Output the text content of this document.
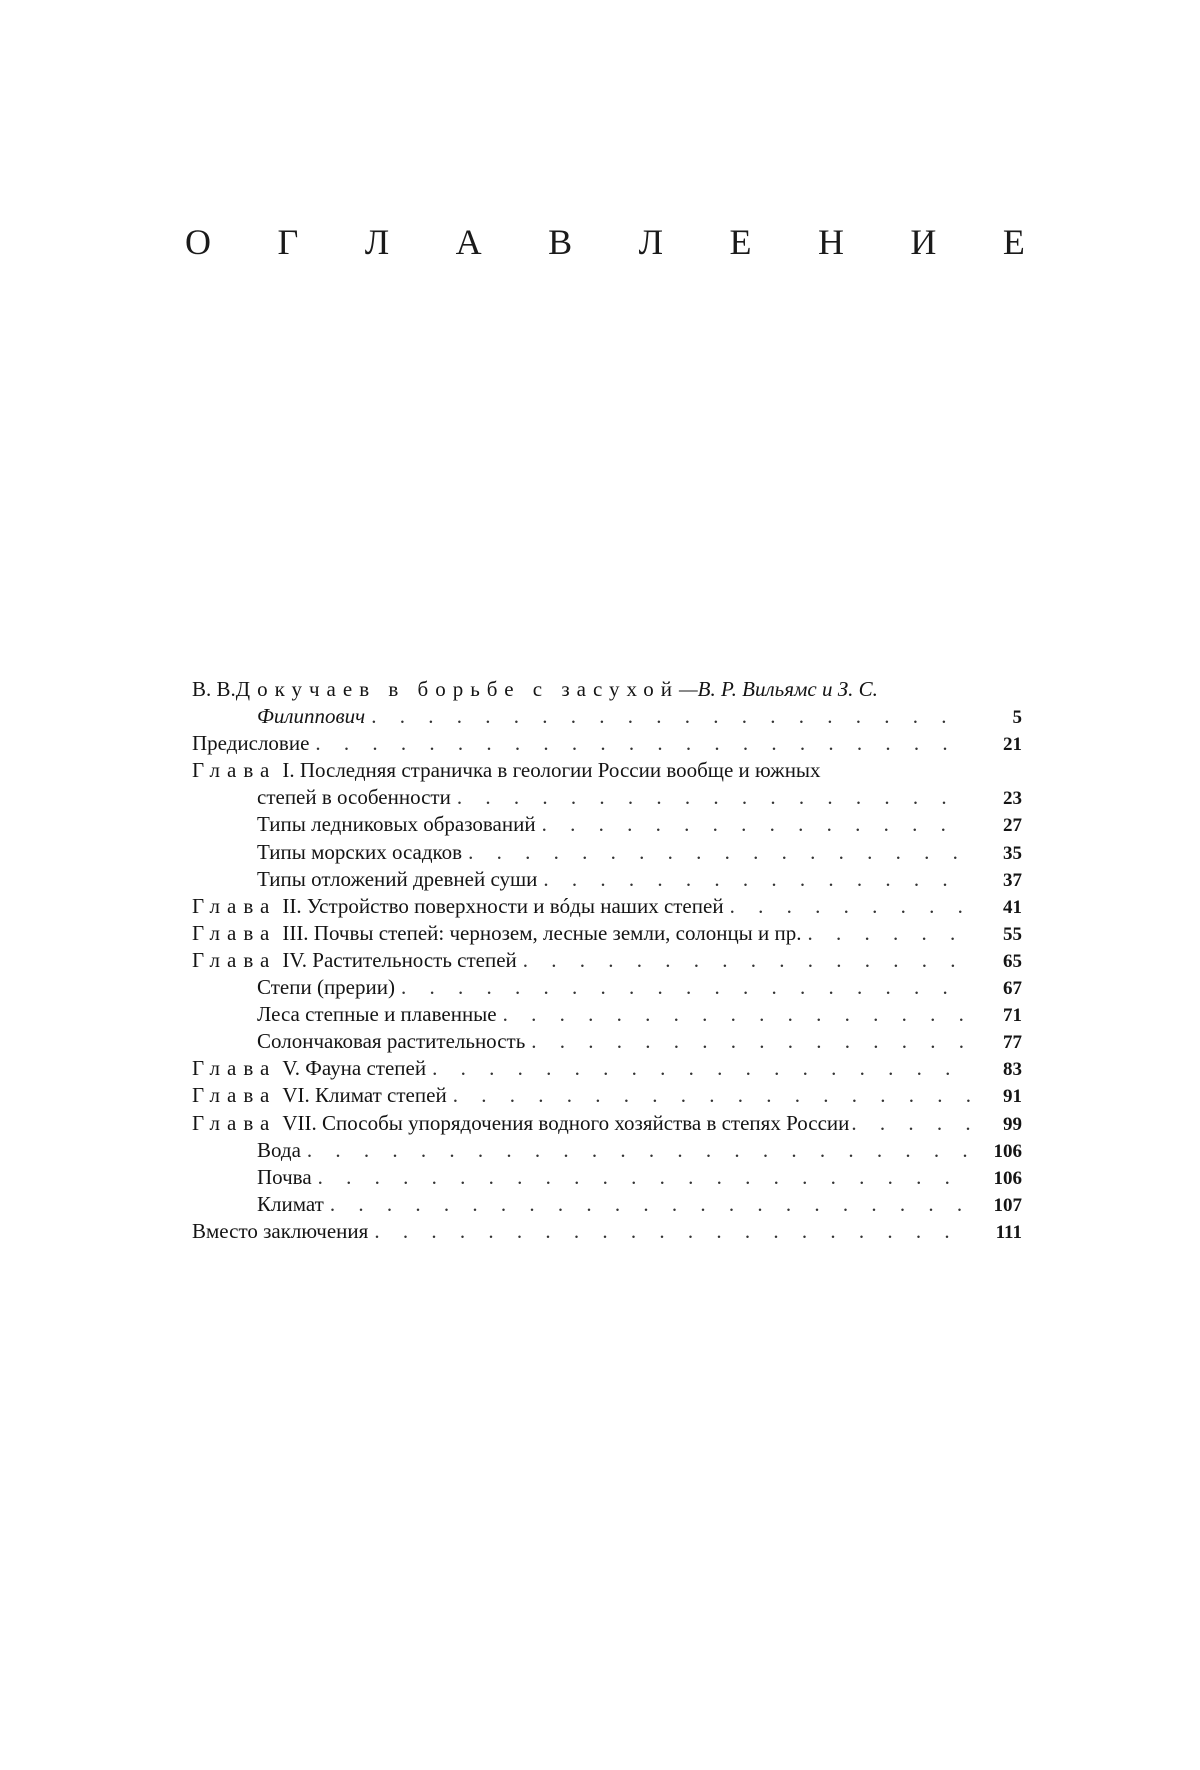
О Г Л А В Л Е Н И Е
В. В. Докучаев в борьбе с засухой —В. Р. Вильямс и З. С.
Филиппович . . .	5
Предисловие . . .	21
Глава I. Последняя страничка в геологии России вообще и южных
степей в особенности . . .	23
Типы ледниковых образований . . .	27
Типы морских осадков . . .	35
Типы отложений древней суши . . .	37
Глава II. Устройство поверхности и вóды наших степей . . .	41
Глава III. Почвы степей: чернозем, лесные земли, солонцы и пр. . . .	55
Глава IV. Растительность степей . . .	65
Степи (прерии) . . .	67
Леса степные и плавенные . . .	71
Солончаковая растительность . . .	77
Глава V. Фауна степей . . .	83
Глава VI. Климат степей . . .	91
Глава VII. Способы упорядочения водного хозяйства в степях России . . .	99
Вода . . .	106
Почва . . .	106
Климат . . .	107
Вместо заключения . . .	111
